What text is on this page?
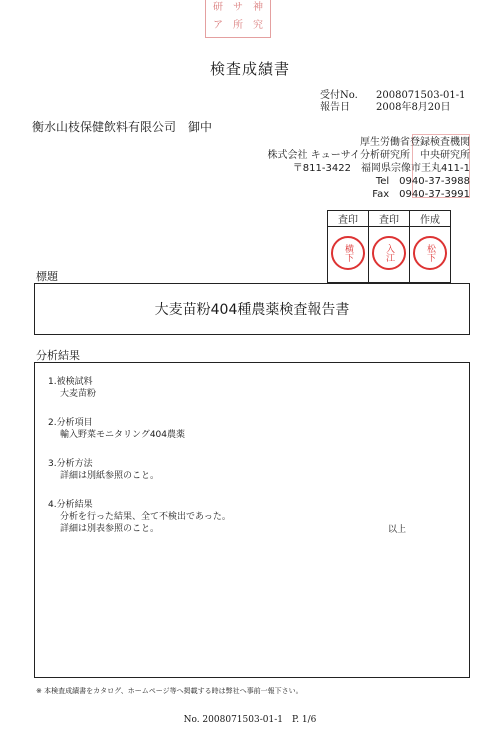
研	サ	神
ア	所	究
検査成績書
受付No.	2008071503-01-1
報告日	2008年8月20日
衡水山枝保健飲料有限公司　御中
厚生労働省登録検査機関
株式会社 キューサイ分析研究所　中央研究所
〒811-3422　福岡県宗像市王丸411-1
Tel　0940-37-3988
Fax　0940-37-3991
査印	査印	作成
横下	入江	松下
標題
大麦苗粉404種農薬検査報告書
分析結果
1.被検試料
大麦苗粉
2.分析項目
輸入野菜モニタリング404農薬
3.分析方法
詳細は別紙参照のこと。
4.分析結果
分析を行った結果、全て不検出であった。
詳細は別表参照のこと。	以上
※ 本検査成績書をカタログ、ホームページ等へ掲載する時は弊社へ事前一報下さい。
No. 2008071503-01-1　P. 1/6
